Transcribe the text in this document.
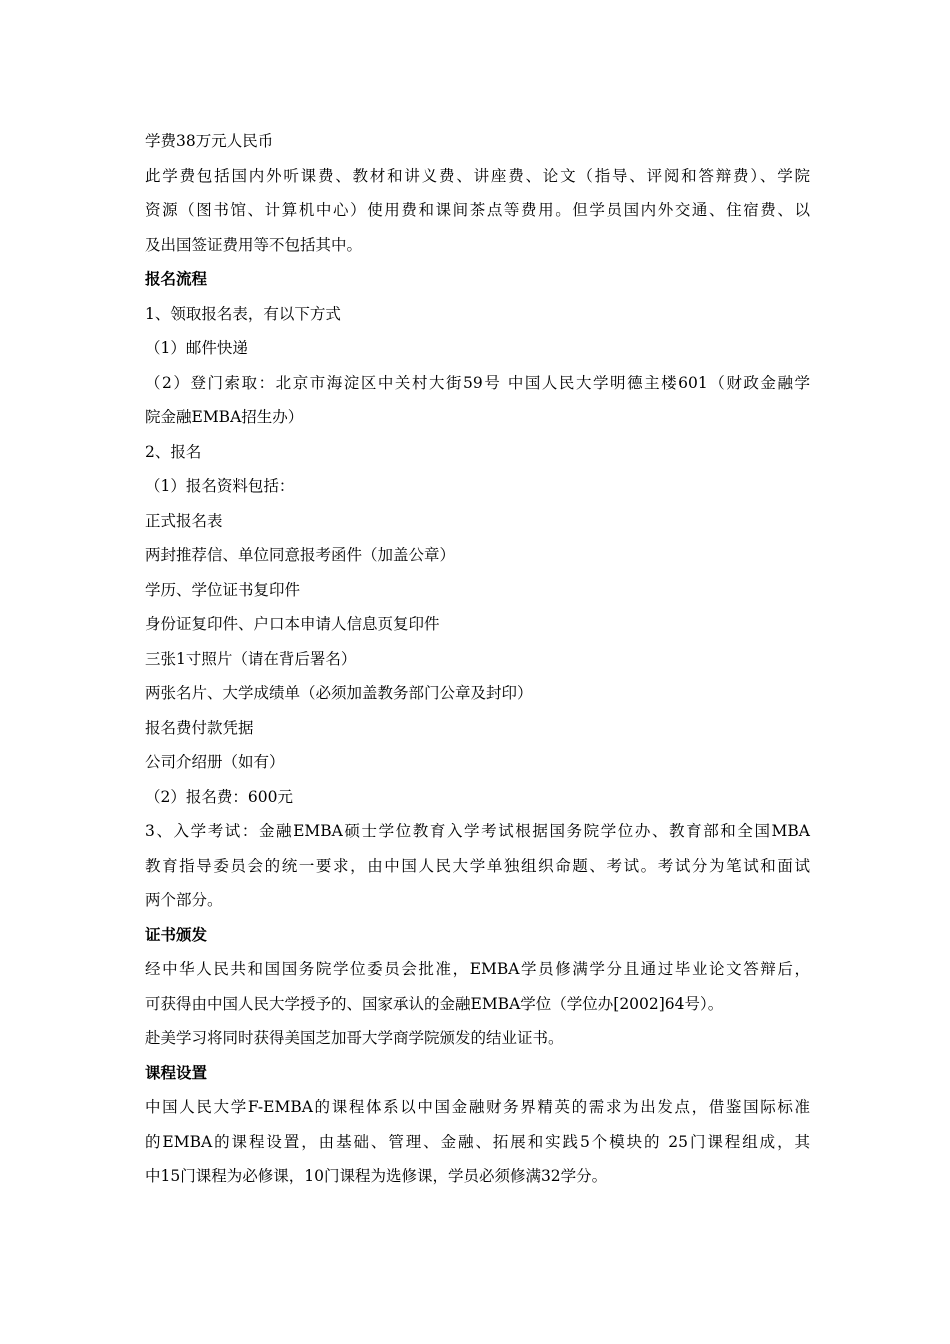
学费38万元人民币
此学费包括国内外听课费、教材和讲义费、讲座费、论文（指导、评阅和答辩费）、学院
资源（图书馆、计算机中心）使用费和课间茶点等费用。但学员国内外交通、住宿费、以
及出国签证费用等不包括其中。
报名流程
1、领取报名表，有以下方式
（1）邮件快递
（2）登门索取：北京市海淀区中关村大街59号 中国人民大学明德主楼601（财政金融学
院金融EMBA招生办）
2、报名
（1）报名资料包括：
正式报名表
两封推荐信、单位同意报考函件（加盖公章）
学历、学位证书复印件
身份证复印件、户口本申请人信息页复印件
三张1寸照片（请在背后署名）
两张名片、大学成绩单（必须加盖教务部门公章及封印）
报名费付款凭据
公司介绍册（如有）
（2）报名费：600元
3、入学考试：金融EMBA硕士学位教育入学考试根据国务院学位办、教育部和全国MBA
教育指导委员会的统一要求，由中国人民大学单独组织命题、考试。考试分为笔试和面试
两个部分。
证书颁发
经中华人民共和国国务院学位委员会批准，EMBA学员修满学分且通过毕业论文答辩后，
可获得由中国人民大学授予的、国家承认的金融EMBA学位（学位办[2002]64号）。
赴美学习将同时获得美国芝加哥大学商学院颁发的结业证书。
课程设置
中国人民大学F-EMBA的课程体系以中国金融财务界精英的需求为出发点，借鉴国际标准
的EMBA的课程设置，由基础、管理、金融、拓展和实践5个模块的 25门课程组成，其
中15门课程为必修课，10门课程为选修课，学员必须修满32学分。
